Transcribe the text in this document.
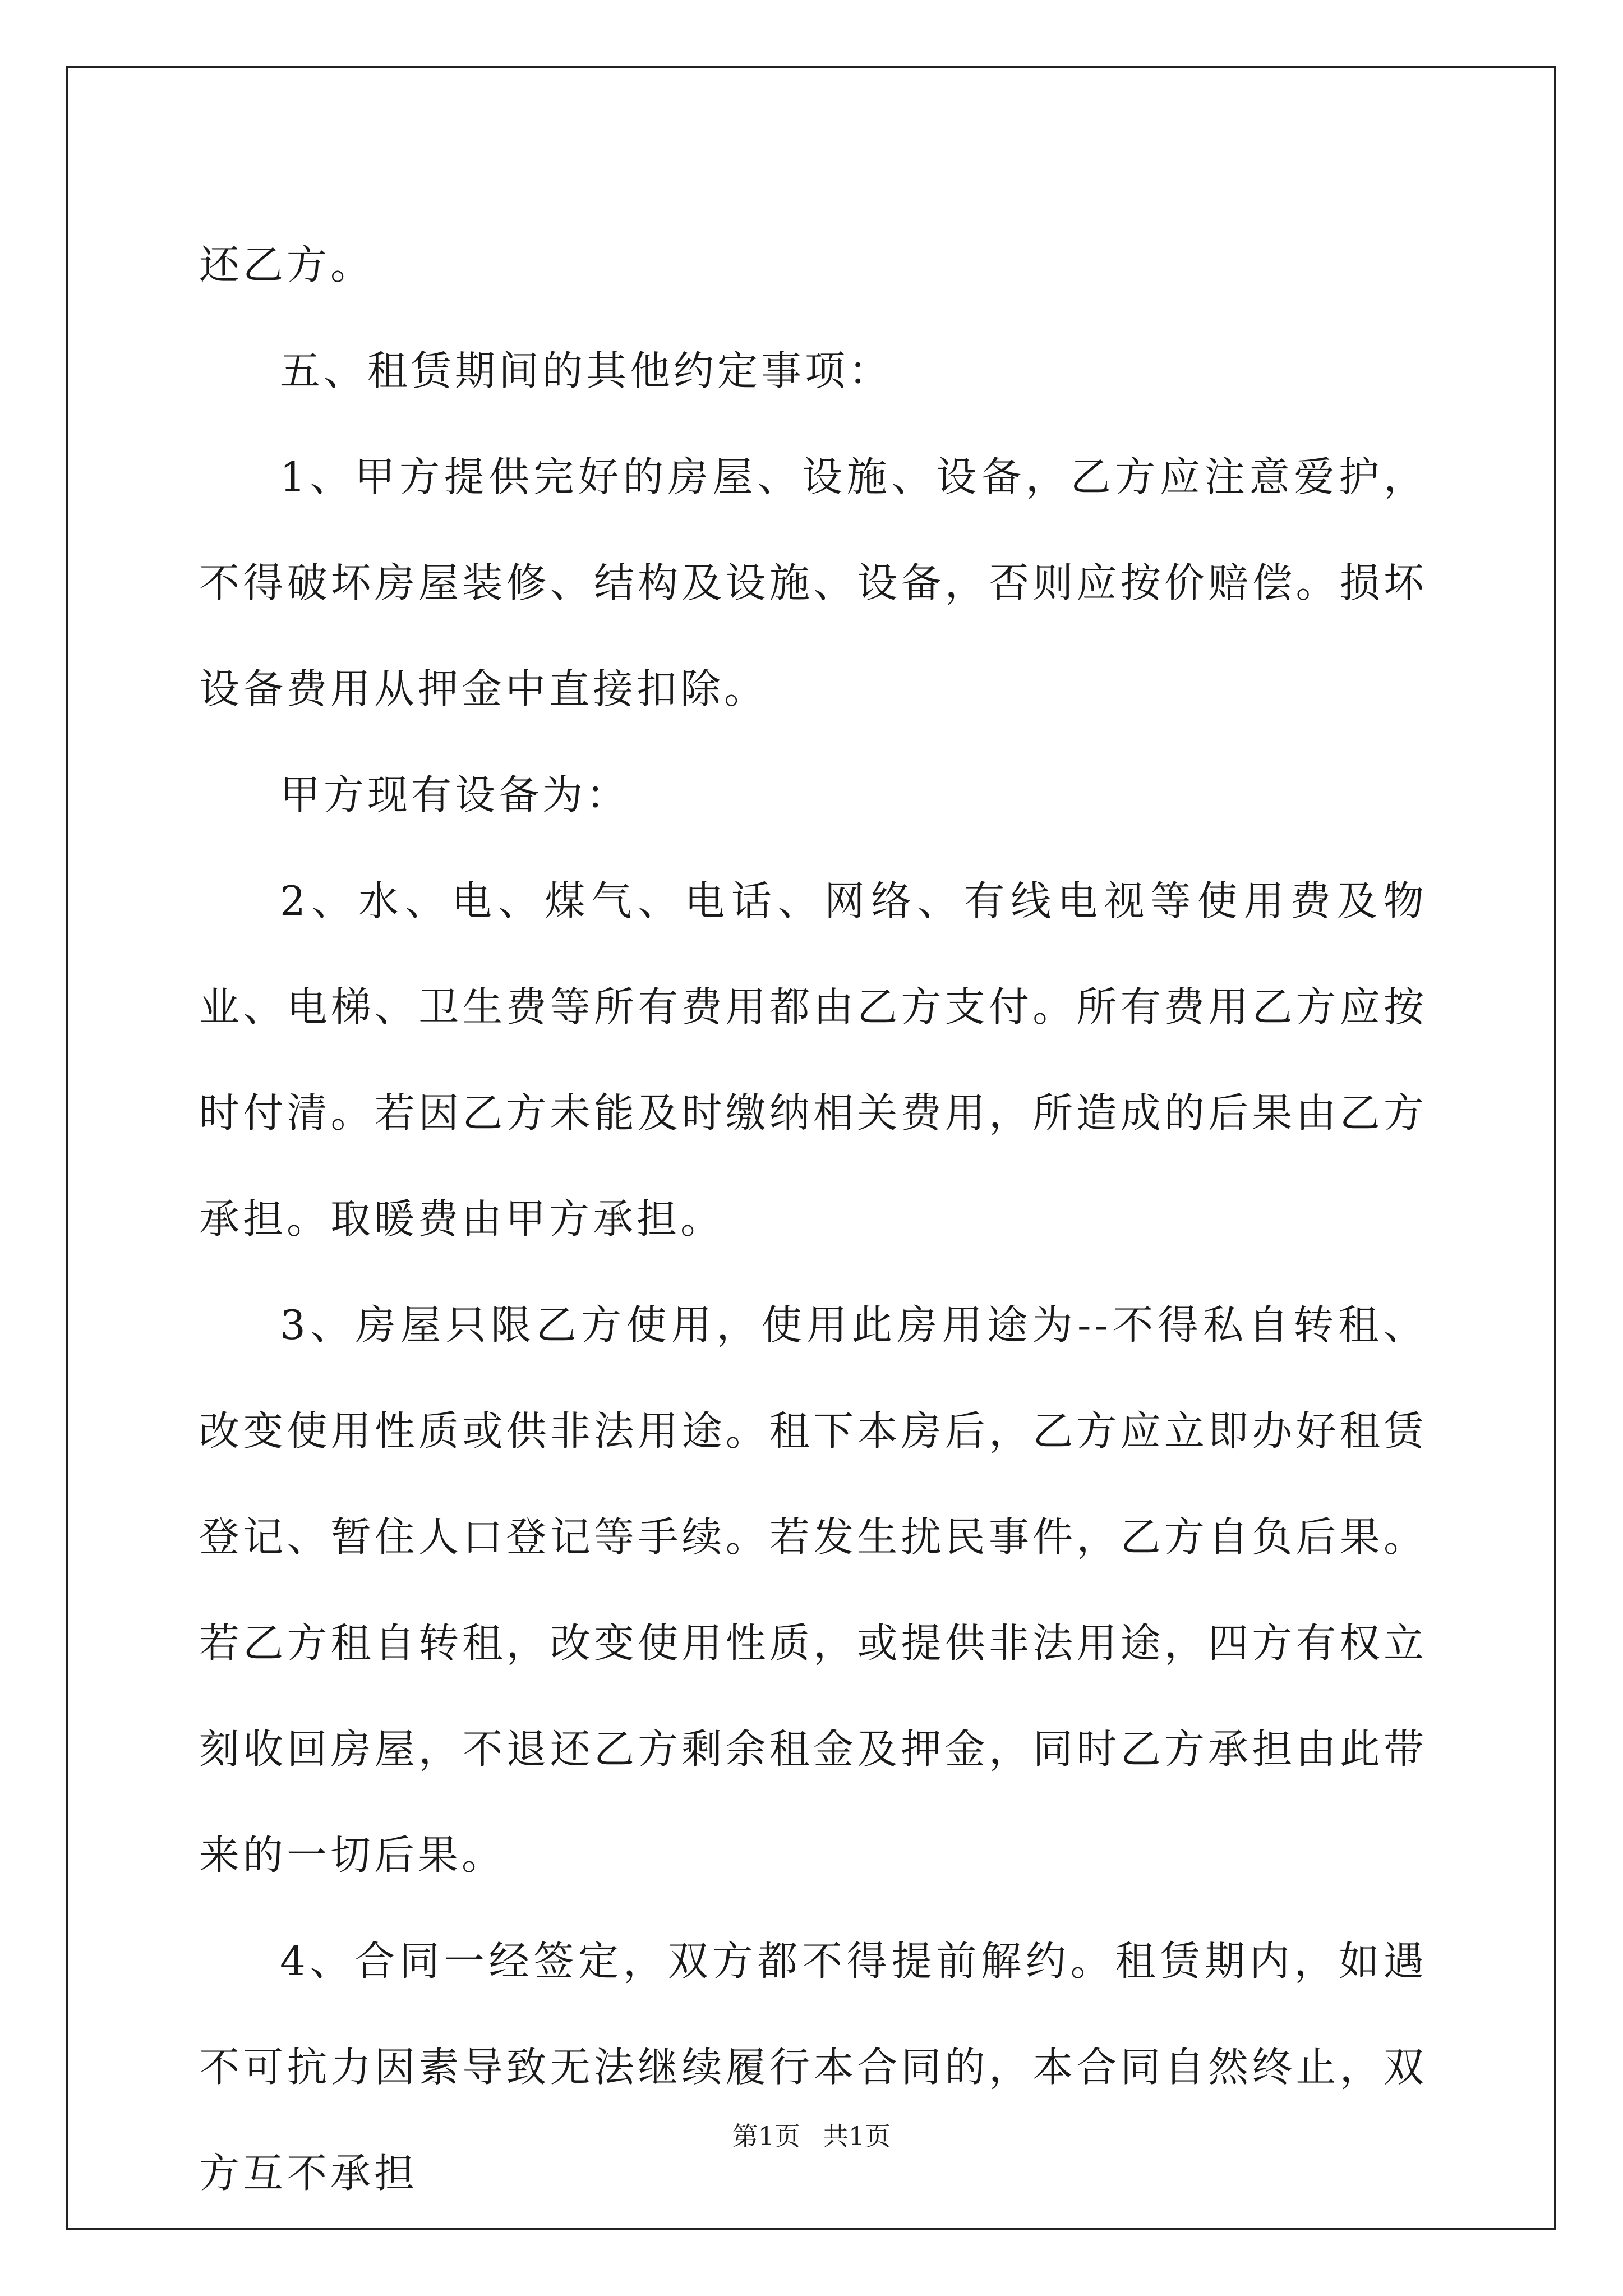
还乙方。

五、租赁期间的其他约定事项：

1、甲方提供完好的房屋、设施、设备，乙方应注意爱护，不得破坏房屋装修、结构及设施、设备，否则应按价赔偿。损坏设备费用从押金中直接扣除。

甲方现有设备为：

2、水、电、煤气、电话、网络、有线电视等使用费及物业、电梯、卫生费等所有费用都由乙方支付。所有费用乙方应按时付清。若因乙方未能及时缴纳相关费用，所造成的后果由乙方承担。取暖费由甲方承担。

3、房屋只限乙方使用，使用此房用途为--不得私自转租、改变使用性质或供非法用途。租下本房后，乙方应立即办好租赁登记、暂住人口登记等手续。若发生扰民事件，乙方自负后果。若乙方租自转租，改变使用性质，或提供非法用途，四方有权立刻收回房屋，不退还乙方剩余租金及押金，同时乙方承担由此带来的一切后果。

4、合同一经签定，双方都不得提前解约。租赁期内，如遇不可抗力因素导致无法继续履行本合同的，本合同自然终止，双方互不承担

第1页 共1页
